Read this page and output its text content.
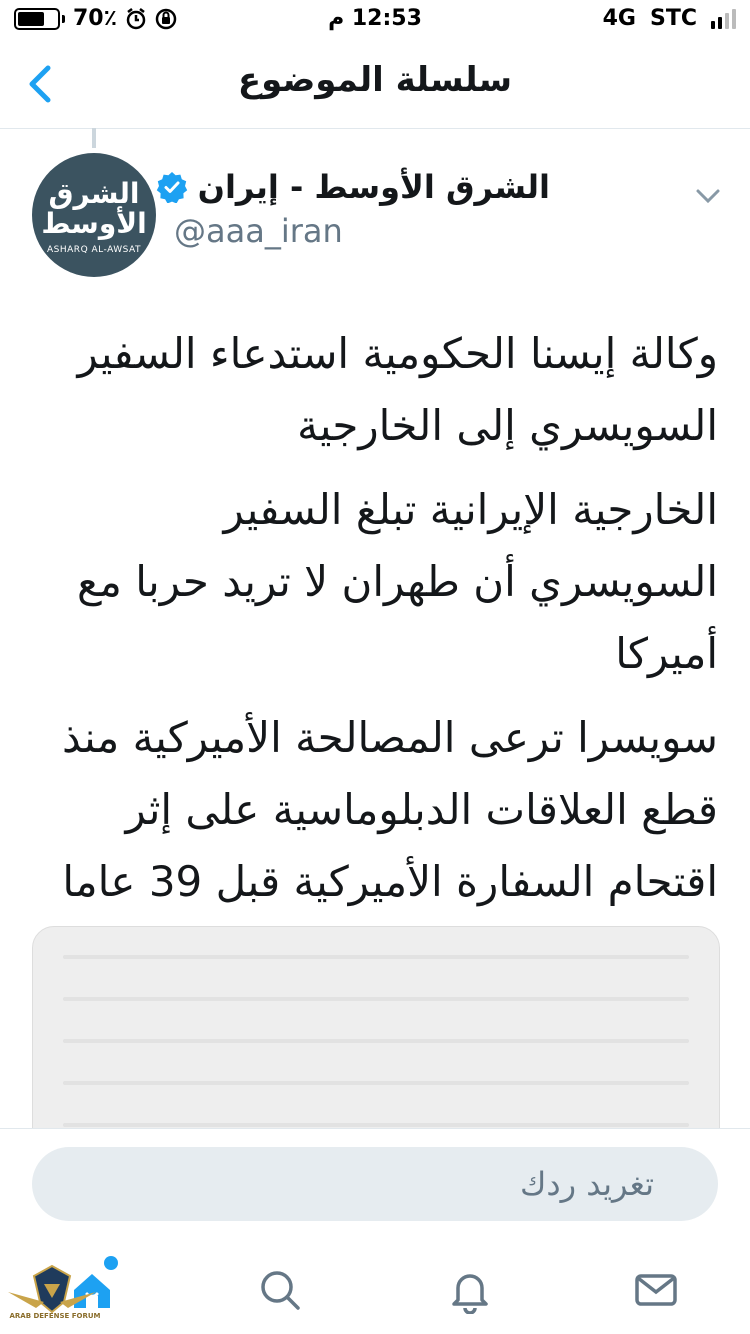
70٪	12:53 م	4G STC
سلسلة الموضوع
الشرق
الأوسط
ASHARQ AL-AWSAT
الشرق الأوسط - إيران
@aaa_iran

وكالة إيسنا الحكومية استدعاء السفير السويسري إلى الخارجية

الخارجية الإيرانية تبلغ السفير السويسري أن طهران لا تريد حربا مع أميركا

سويسرا ترعى المصالحة الأميركية منذ قطع العلاقات الدبلوماسية على إثر اقتحام السفارة الأميركية قبل 39 عاما

تغريد ردك
ARAB DEFENSE FORUM
